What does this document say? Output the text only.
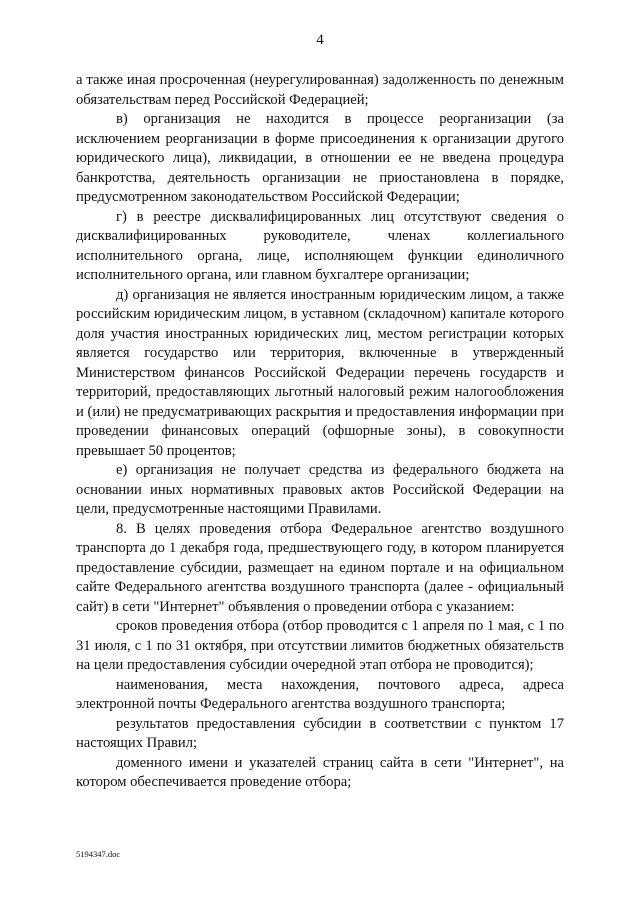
4

а также иная просроченная (неурегулированная) задолженность по денежным обязательствам перед Российской Федерацией;

в) организация не находится в процессе реорганизации (за исключением реорганизации в форме присоединения к организации другого юридического лица), ликвидации, в отношении ее не введена процедура банкротства, деятельность организации не приостановлена в порядке, предусмотренном законодательством Российской Федерации;

г) в реестре дисквалифицированных лиц отсутствуют сведения о дисквалифицированных руководителе, членах коллегиального исполнительного органа, лице, исполняющем функции единоличного исполнительного органа, или главном бухгалтере организации;

д) организация не является иностранным юридическим лицом, а также российским юридическим лицом, в уставном (складочном) капитале которого доля участия иностранных юридических лиц, местом регистрации которых является государство или территория, включенные в утвержденный Министерством финансов Российской Федерации перечень государств и территорий, предоставляющих льготный налоговый режим налогообложения и (или) не предусматривающих раскрытия и предоставления информации при проведении финансовых операций (офшорные зоны), в совокупности превышает 50 процентов;

е) организация не получает средства из федерального бюджета на основании иных нормативных правовых актов Российской Федерации на цели, предусмотренные настоящими Правилами.

8. В целях проведения отбора Федеральное агентство воздушного транспорта до 1 декабря года, предшествующего году, в котором планируется предоставление субсидии, размещает на едином портале и на официальном сайте Федерального агентства воздушного транспорта (далее - официальный сайт) в сети "Интернет" объявления о проведении отбора с указанием:

сроков проведения отбора (отбор проводится с 1 апреля по 1 мая, с 1 по 31 июля, с 1 по 31 октября, при отсутствии лимитов бюджетных обязательств на цели предоставления субсидии очередной этап отбора не проводится);

наименования, места нахождения, почтового адреса, адреса электронной почты Федерального агентства воздушного транспорта;

результатов предоставления субсидии в соответствии с пунктом 17 настоящих Правил;

доменного имени и указателей страниц сайта в сети "Интернет", на котором обеспечивается проведение отбора;

5194347.doc
